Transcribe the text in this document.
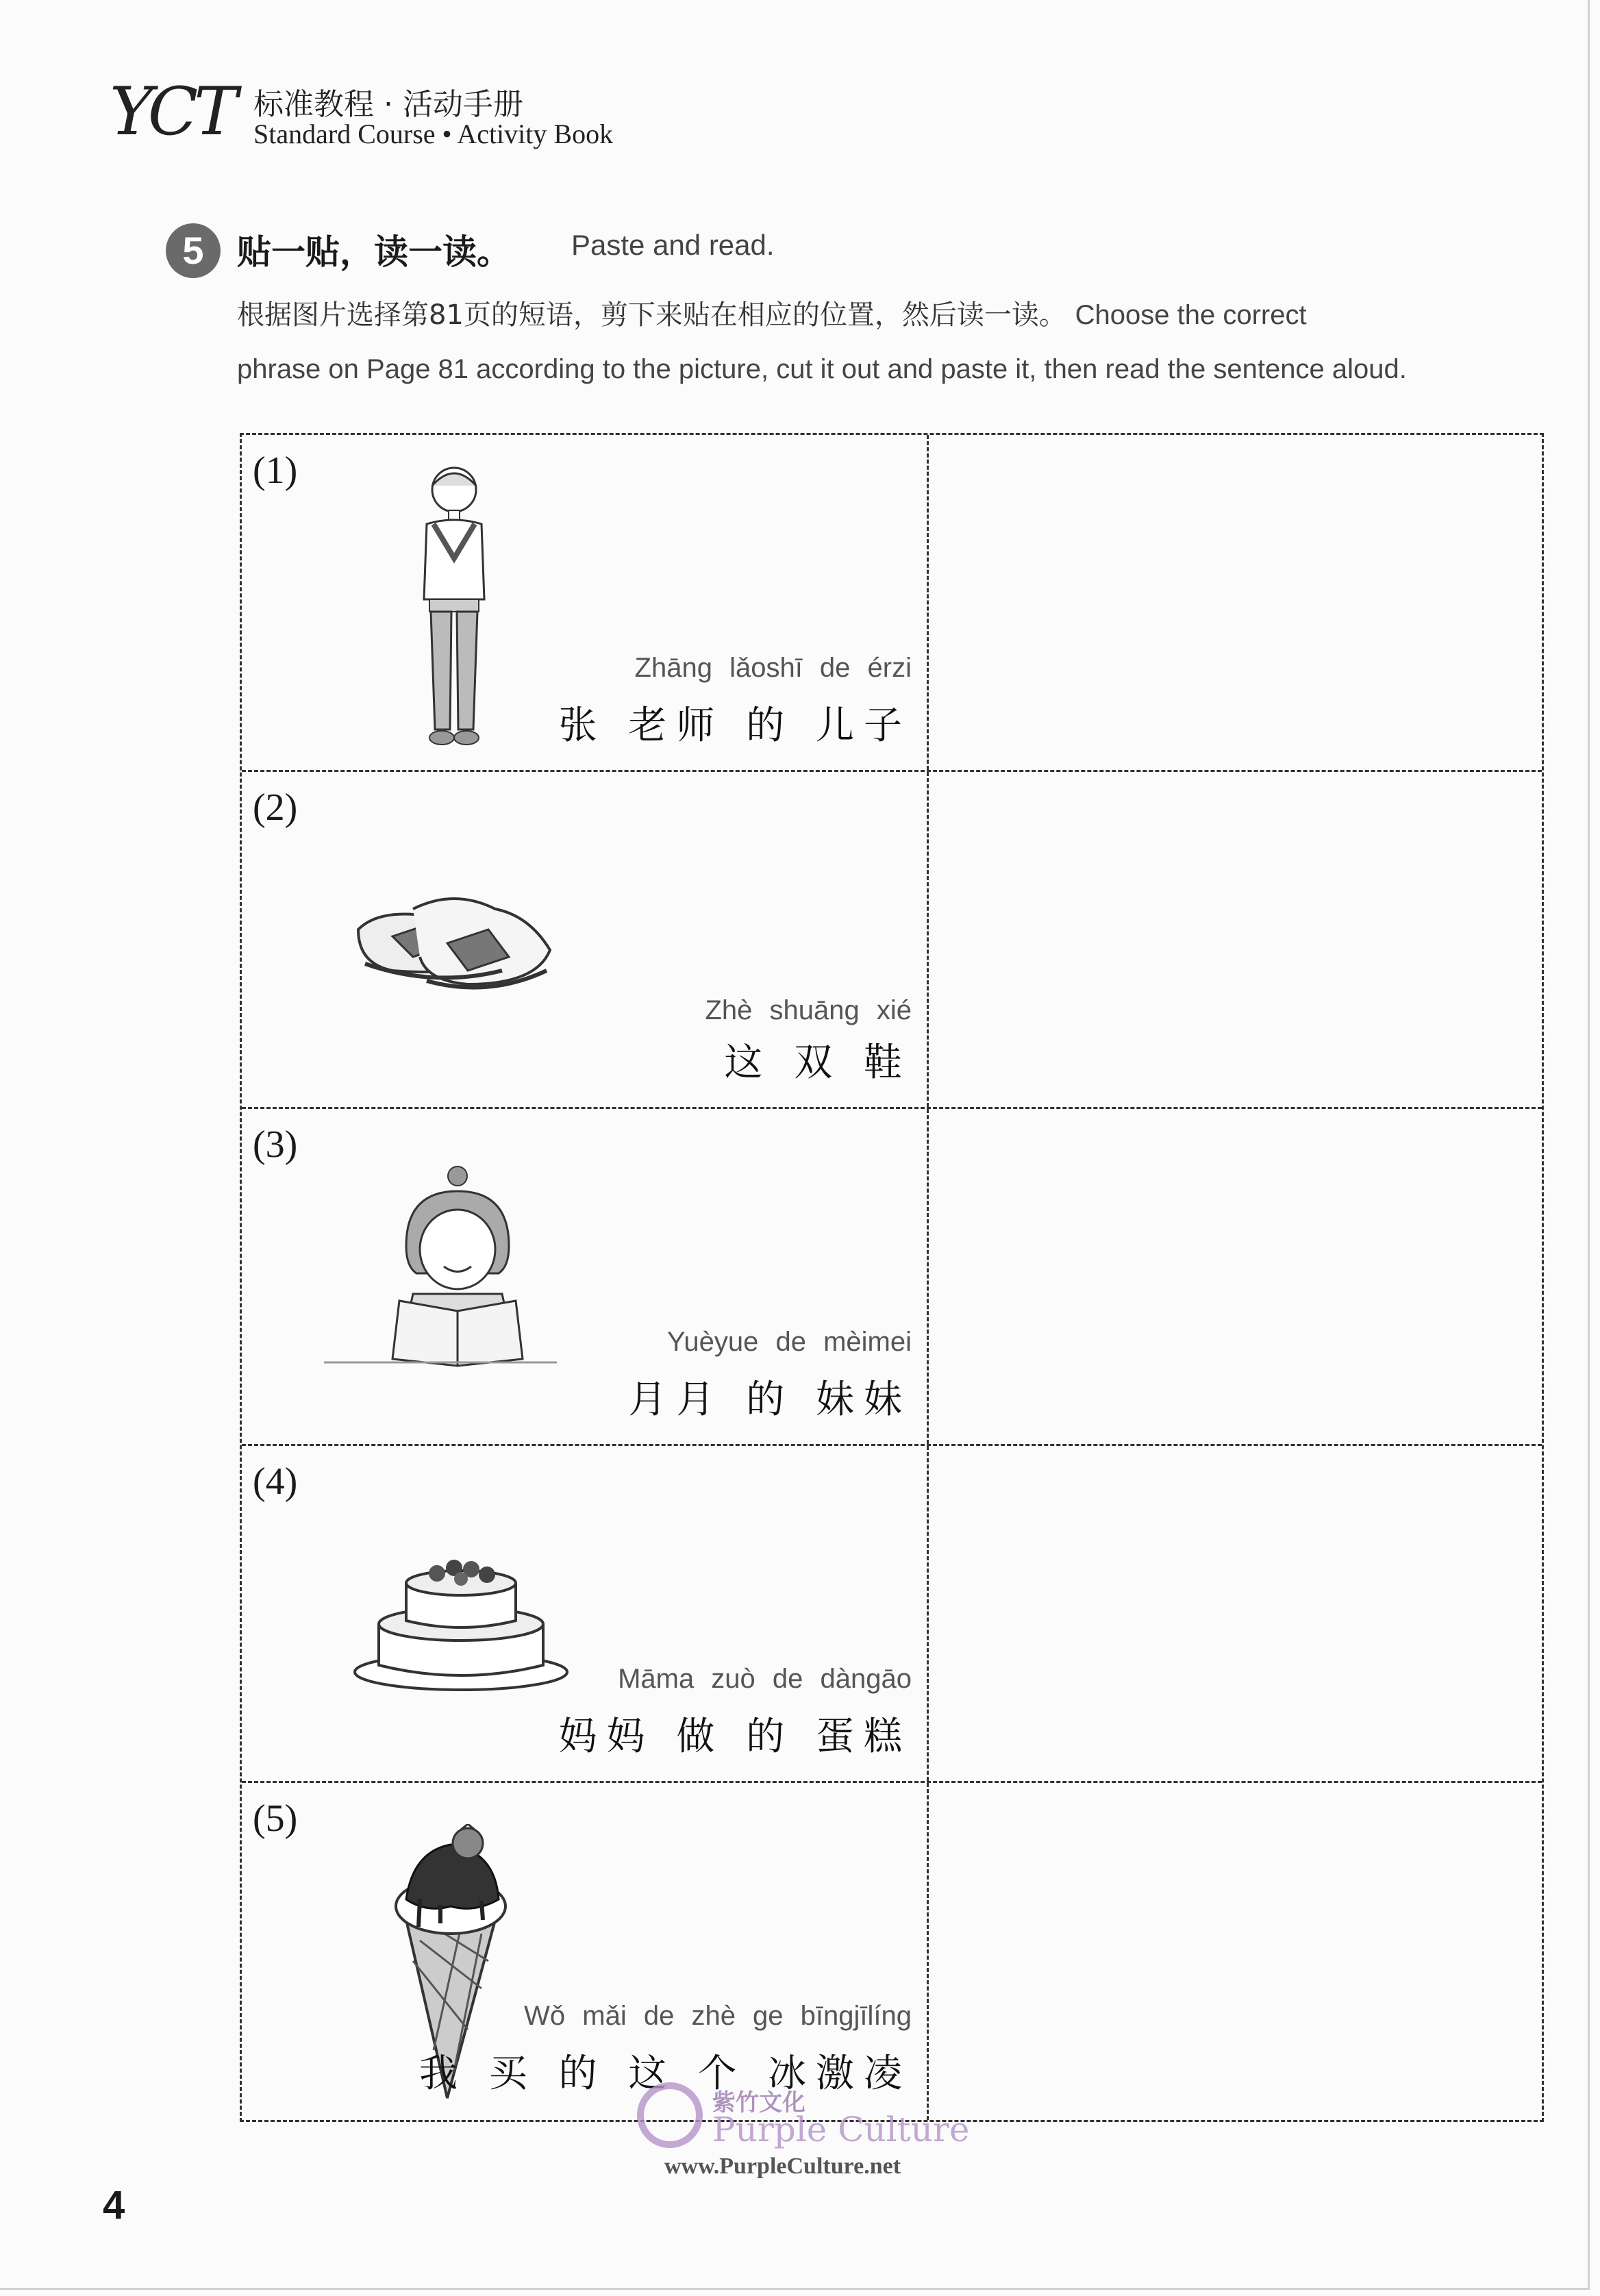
YCT 标准教程 · 活动手册
Standard Course • Activity Book
5 贴一贴，读一读。 Paste and read.
根据图片选择第81页的短语，剪下来贴在相应的位置，然后读一读。 Choose the correct
phrase on Page 81 according to the picture, cut it out and paste it, then read the sentence aloud.
(1)
Zhāng lǎoshī de érzi
张 老师 的 儿子
(2)
Zhè shuāng xié
这 双 鞋
(3)
Yuèyue de mèimei
月月 的 妹妹
(4)
Māma zuò de dàngāo
妈妈 做 的 蛋糕
(5)
Wǒ mǎi de zhè ge bīngjīlíng
我 买 的 这 个 冰激凌
紫竹文化
Purple Culture
www.PurpleCulture.net
4
